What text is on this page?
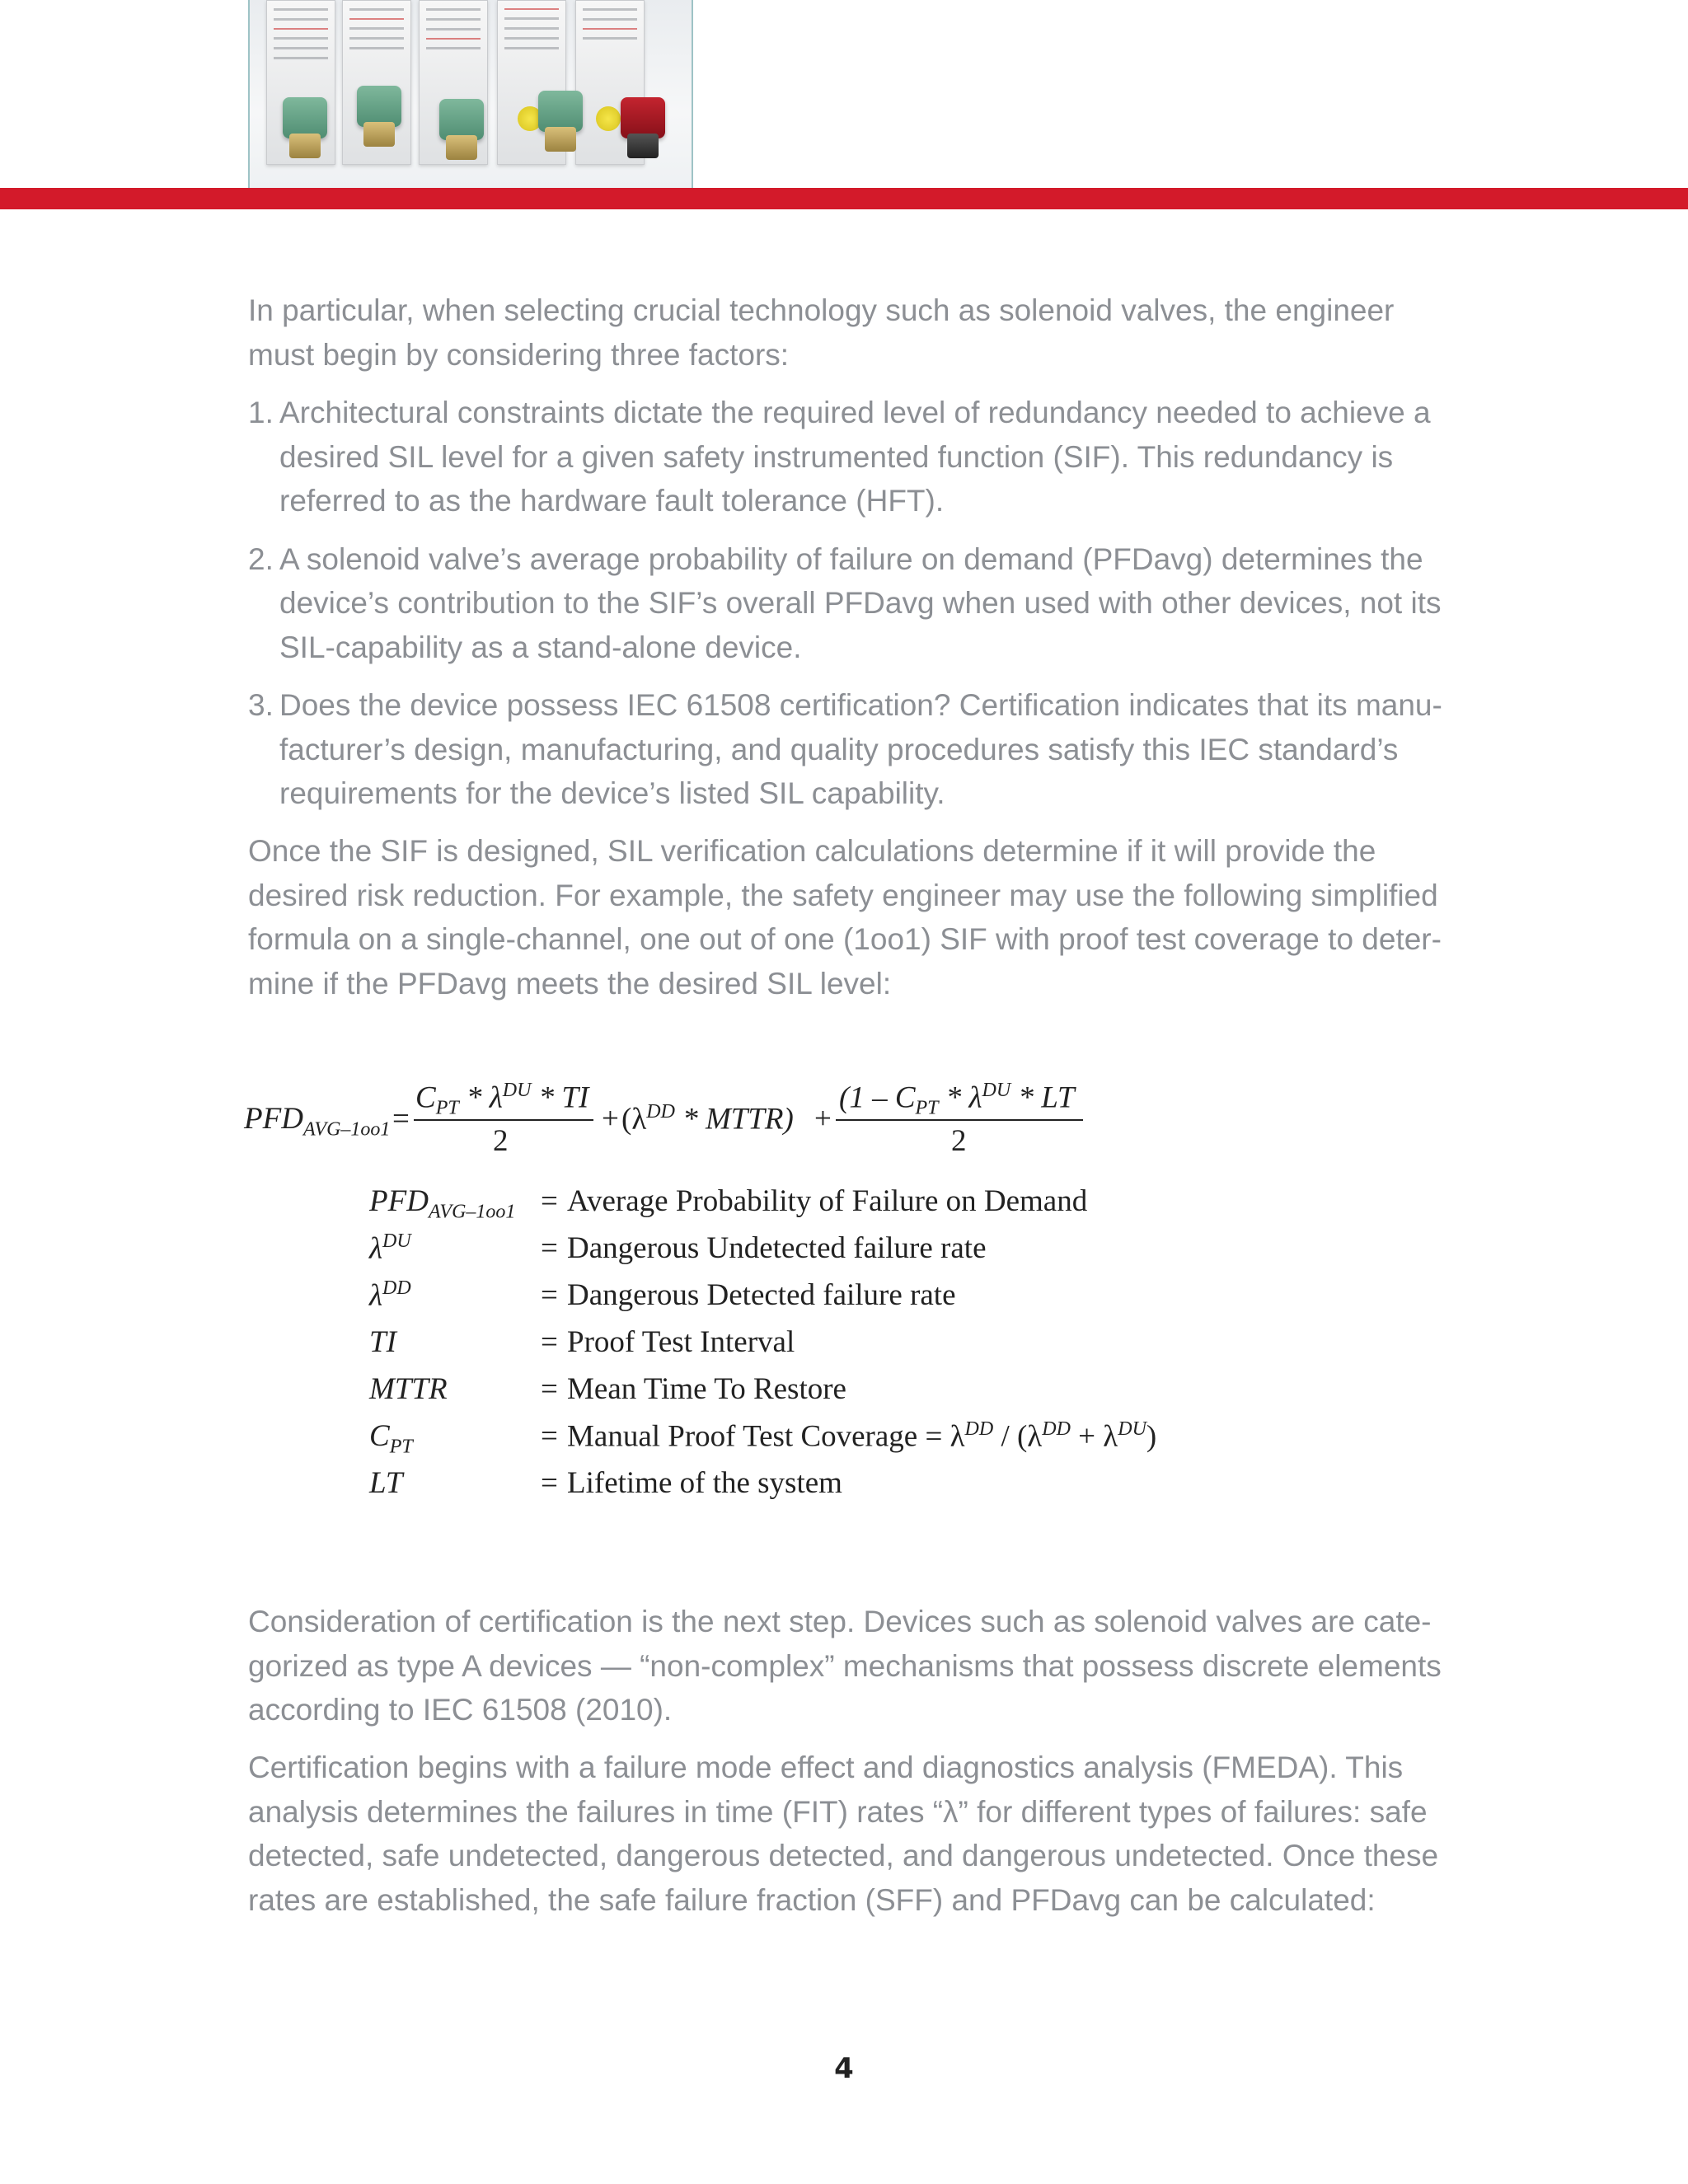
In particular, when selecting crucial technology such as solenoid valves, the engineer must begin by considering three factors:

1. Architectural constraints dictate the required level of redundancy needed to achieve a desired SIL level for a given safety instrumented function (SIF). This redundancy is referred to as the hardware fault tolerance (HFT).
2. A solenoid valve’s average probability of failure on demand (PFDavg) determines the device’s contribution to the SIF’s overall PFDavg when used with other devices, not its SIL-capability as a stand-alone device.
3. Does the device possess IEC 61508 certification? Certification indicates that its manu- facturer’s design, manufacturing, and quality procedures satisfy this IEC standard’s requirements for the device’s listed SIL capability.

Once the SIF is designed, SIL verification calculations determine if it will provide the desired risk reduction. For example, the safety engineer may use the following simplified formula on a single-channel, one out of one (1oo1) SIF with proof test coverage to deter- mine if the PFDavg meets the desired SIL level:

$PFD_{AVG-1oo1}$ =
$C_{PT} * \lambda^{DU}$ * TI
2
+ ($\lambda^{DD}$ * MTTR) +
($1 - C_{PT} * \lambda^{DU}$ * LT
2
$PFD_{AVG-1oo1}$ = Average Probability of Failure on Demand
$\lambda^{DU}$	= Dangerous Undetected failure rate
$\lambda^{DD}$	= Dangerous Detected failure rate
TI	= Proof Test Interval
MTTR	= Mean Time To Restore
$C_{PT}$	= Manual Proof Test Coverage = $\lambda^{DD} / (\lambda^{DD} + \lambda^{DU})$
LT	= Lifetime of the system

Consideration of certification is the next step. Devices such as solenoid valves are cate- gorized as type A devices — “non-complex” mechanisms that possess discrete elements according to IEC 61508 (2010).

Certification begins with a failure mode effect and diagnostics analysis (FMEDA). This analysis determines the failures in time (FIT) rates “λ” for different types of failures: safe detected, safe undetected, dangerous detected, and dangerous undetected. Once these rates are established, the safe failure fraction (SFF) and PFDavg can be calculated:

4
